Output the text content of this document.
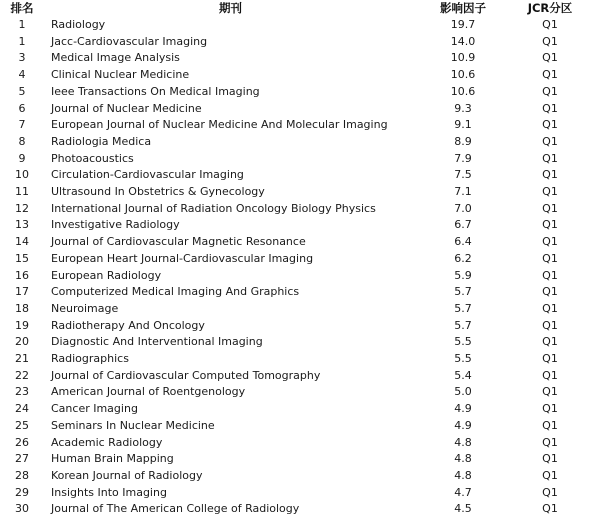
排名	期刊	影响因子	JCR分区
1	Radiology	19.7	Q1
1	Jacc-Cardiovascular Imaging	14.0	Q1
3	Medical Image Analysis	10.9	Q1
4	Clinical Nuclear Medicine	10.6	Q1
5	Ieee Transactions On Medical Imaging	10.6	Q1
6	Journal of Nuclear Medicine	9.3	Q1
7	European Journal of Nuclear Medicine And Molecular Imaging	9.1	Q1
8	Radiologia Medica	8.9	Q1
9	Photoacoustics	7.9	Q1
10	Circulation-Cardiovascular Imaging	7.5	Q1
11	Ultrasound In Obstetrics & Gynecology	7.1	Q1
12	International Journal of Radiation Oncology Biology Physics	7.0	Q1
13	Investigative Radiology	6.7	Q1
14	Journal of Cardiovascular Magnetic Resonance	6.4	Q1
15	European Heart Journal-Cardiovascular Imaging	6.2	Q1
16	European Radiology	5.9	Q1
17	Computerized Medical Imaging And Graphics	5.7	Q1
18	Neuroimage	5.7	Q1
19	Radiotherapy And Oncology	5.7	Q1
20	Diagnostic And Interventional Imaging	5.5	Q1
21	Radiographics	5.5	Q1
22	Journal of Cardiovascular Computed Tomography	5.4	Q1
23	American Journal of Roentgenology	5.0	Q1
24	Cancer Imaging	4.9	Q1
25	Seminars In Nuclear Medicine	4.9	Q1
26	Academic Radiology	4.8	Q1
27	Human Brain Mapping	4.8	Q1
28	Korean Journal of Radiology	4.8	Q1
29	Insights Into Imaging	4.7	Q1
30	Journal of The American College of Radiology	4.5	Q1
